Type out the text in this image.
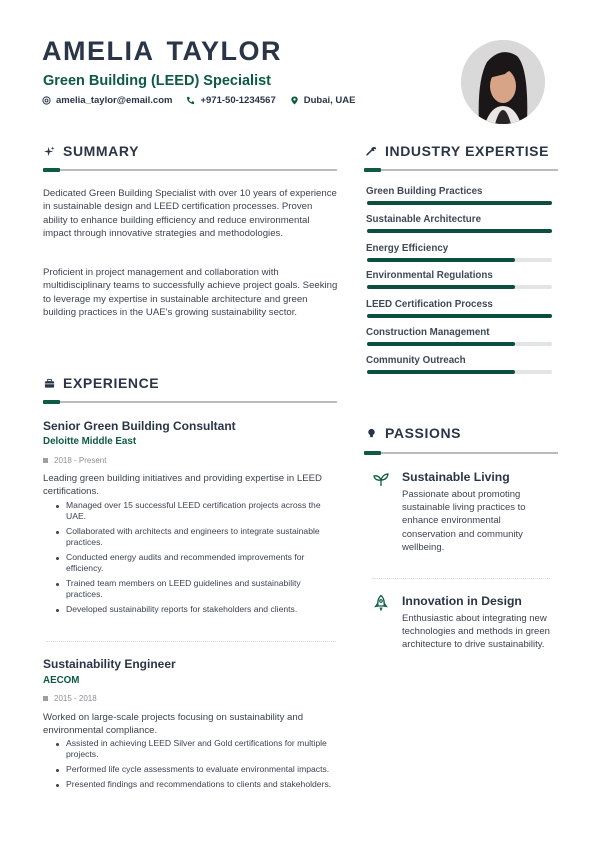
AMELIA TAYLOR
Green Building (LEED) Specialist
amelia_taylor@email.com	+971-50-1234567	Dubai, UAE
SUMMARY

Dedicated Green Building Specialist with over 10 years of experience in sustainable design and LEED certification processes. Proven ability to enhance building efficiency and reduce environmental impact through innovative strategies and methodologies.

Proficient in project management and collaboration with multidisciplinary teams to successfully achieve project goals. Seeking to leverage my expertise in sustainable architecture and green building practices in the UAE's growing sustainability sector.

EXPERIENCE
Senior Green Building Consultant
Deloitte Middle East
2018 - Present

Leading green building initiatives and providing expertise in LEED certifications.

Managed over 15 successful LEED certification projects across the UAE.
Collaborated with architects and engineers to integrate sustainable practices.
Conducted energy audits and recommended improvements for efficiency.
Trained team members on LEED guidelines and sustainability practices.
Developed sustainability reports for stakeholders and clients.
Sustainability Engineer
AECOM
2015 - 2018

Worked on large-scale projects focusing on sustainability and environmental compliance.

Assisted in achieving LEED Silver and Gold certifications for multiple projects.
Performed life cycle assessments to evaluate environmental impacts.
Presented findings and recommendations to clients and stakeholders.
INDUSTRY EXPERTISE
Green Building Practices
Sustainable Architecture
Energy Efficiency
Environmental Regulations
LEED Certification Process
Construction Management
Community Outreach
PASSIONS
Sustainable Living
Passionate about promoting sustainable living practices to enhance environmental conservation and community wellbeing.
Innovation in Design
Enthusiastic about integrating new technologies and methods in green architecture to drive sustainability.
